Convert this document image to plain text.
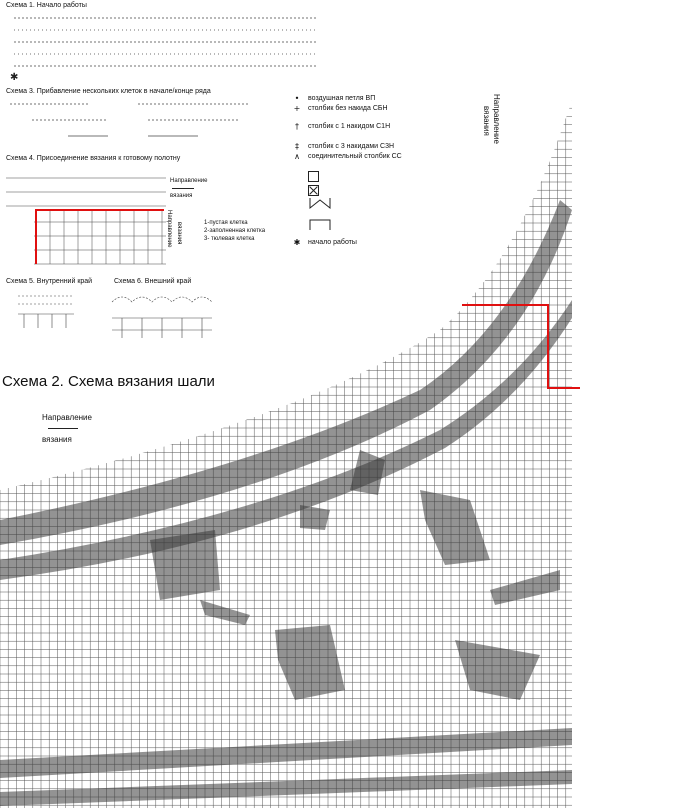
Схема 1. Начало работы
✱
Схема 3. Прибавление нескольких клеток в начале/конце ряда
Схема 4. Присоединение вязания к готовому полотну
Направление
вязания
Направление вязания	1-пустая клетка
2-заполненная клетка
3- тюлевая клетка
Схема 5. Внутренний край	Схема 6. Внешний край
•	воздушная петля ВП
+	столбик без накида СБН
†	столбик с 1 накидом С1Н
‡	столбик с 3 накидами С3Н
∧	соединительный столбик СС
✱	начало работы
Схема 2. Схема вязания шали
Направление
вязания
Направление
вязания
